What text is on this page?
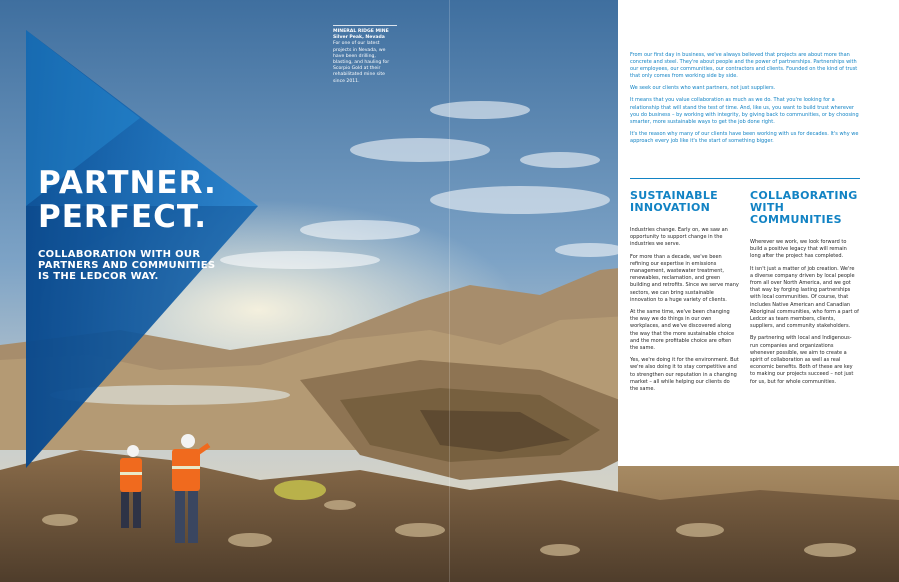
PARTNER.
PERFECT.

COLLABORATION WITH OUR PARTNERS AND COMMUNITIES IS THE LEDCOR WAY.

MINERAL RIDGE MINE
Silver Peak, Nevada
For one of our latest projects in Nevada, we have been drilling, blasting, and hauling for Scorpio Gold at their rehabilitated mine site since 2011.

From our first day in business, we've always believed that projects are about more than concrete and steel. They're about people and the power of partnerships. Partnerships with our employees, our communities, our contractors and clients. Founded on the kind of trust that only comes from working side by side.

We seek our clients who want partners, not just suppliers.

It means that you value collaboration as much as we do. That you're looking for a relationship that will stand the test of time. And, like us, you want to build trust wherever you do business – by working with integrity, by giving back to communities, or by choosing smarter, more sustainable ways to get the job done right.

It's the reason why many of our clients have been working with us for decades. It's why we approach every job like it's the start of something bigger.

SUSTAINABLE INNOVATION

Industries change. Early on, we saw an opportunity to support change in the industries we serve.

For more than a decade, we've been refining our expertise in emissions management, wastewater treatment, renewables, reclamation, and green building and retrofits. Since we serve many sectors, we can bring sustainable innovation to a huge variety of clients.

At the same time, we've been changing the way we do things in our own workplaces, and we've discovered along the way that the more sustainable choice and the more profitable choice are often the same.

Yes, we're doing it for the environment. But we're also doing it to stay competitive and to strengthen our reputation in a changing market – all while helping our clients do the same.

COLLABORATING WITH COMMUNITIES

Wherever we work, we look forward to build a positive legacy that will remain long after the project has completed.

It isn't just a matter of job creation. We're a diverse company driven by local people from all over North America, and we got that way by forging lasting partnerships with local communities. Of course, that includes Native American and Canadian Aboriginal communities, who form a part of Ledcor as team members, clients, suppliers, and community stakeholders.

By partnering with local and Indigenous-run companies and organizations whenever possible, we aim to create a spirit of collaboration as well as real economic benefits. Both of these are key to making our projects succeed – not just for us, but for whole communities.
